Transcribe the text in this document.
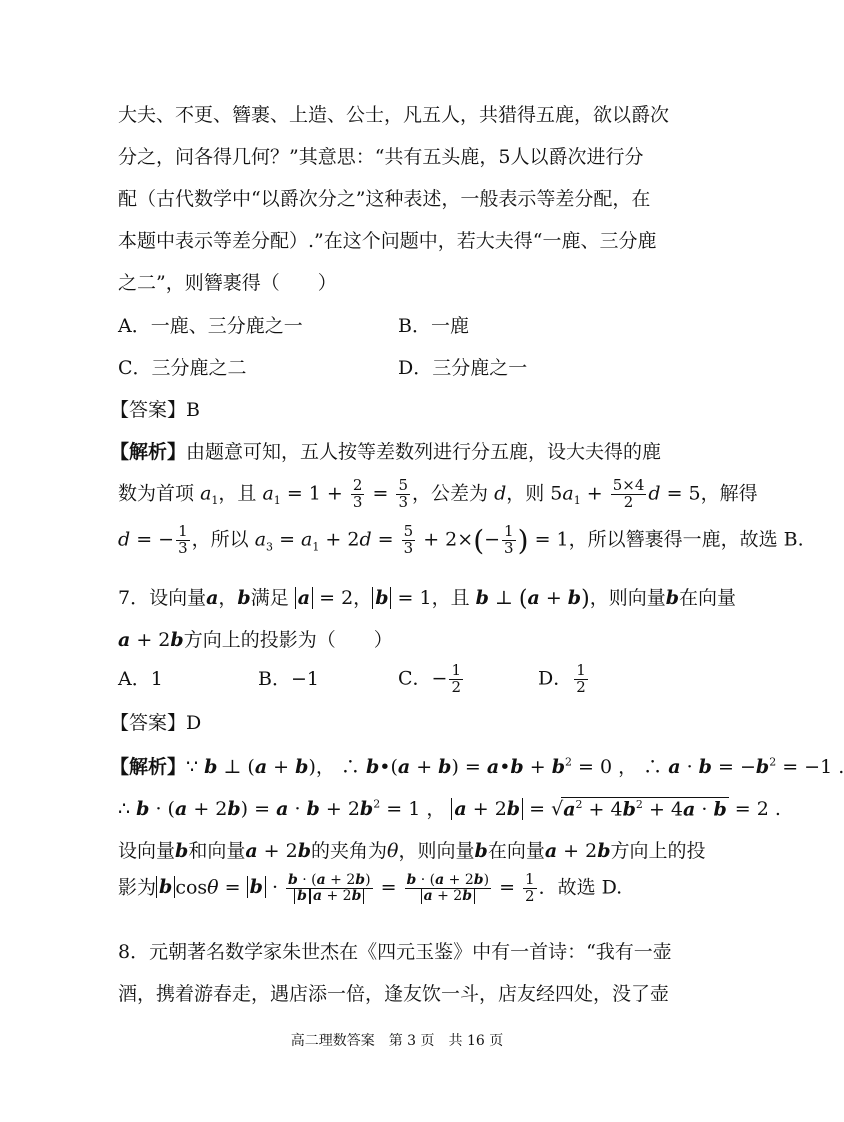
大夫、不更、簪裹、上造、公士，凡五人，共猎得五鹿，欲以爵次
分之，问各得几何？”其意思：“共有五头鹿，5人以爵次进行分
配（古代数学中“以爵次分之”这种表述，一般表示等差分配，在
本题中表示等差分配）.”在这个问题中，若大夫得“一鹿、三分鹿
之二”，则簪裹得（　　）
A．一鹿、三分鹿之一	B．一鹿
C．三分鹿之二	D．三分鹿之一
【答案】B
【解析】由题意可知，五人按等差数列进行分五鹿，设大夫得的鹿
数为首项 $a_1$，且 $a_1 = 1 + \frac{2}{3} = \frac{5}{3}$ ，公差为 d，则 $5a_1 + \frac{5\times 4}{2}$ d = 5，解得
d = − $\frac{1}{3}$ ，所以 $a_3 = a_1 + 2d = \frac{5}{3} + 2\times(- \frac{1}{3}$ ) = 1，所以簪裹得一鹿，故选 B.
7．设向量a，b满足 a = 2， b = 1，且 b ⊥ (a + b)，则向量b在向量
a + 2b方向上的投影为（　　）
A．1	B．−1	C．− $\frac{1}{2}$	D． $\frac{1}{2}$
【答案】D
【解析】∵ b ⊥ (a + b)， ∴ b•(a + b) = a•b + $b^2 = 0$ ， ∴ $a \cdot b = -b^2 = -1$ .
∴ $b \cdot (a + 2b) = a \cdot b + 2b^2 = 1$ ， $a + 2b = √a^2 + 4b^2 + 4a \cdot b = 2$ .
设向量b和向量a + 2b的夹角为θ，则向量b在向量a + 2b方向上的投
影为 b $\cos\theta = b \cdot \frac{b \cdot (a + 2b)}{\text{b a + 2b}} = \frac{b \cdot (a + 2b)}{a + 2b} = \frac{1}{2}$ ．故选 D.
8．元朝著名数学家朱世杰在《四元玉鉴》中有一首诗：“我有一壶
酒，携着游春走，遇店添一倍，逢友饮一斗，店友经四处，没了壶
高二理数答案　第 3 页　共 16 页
